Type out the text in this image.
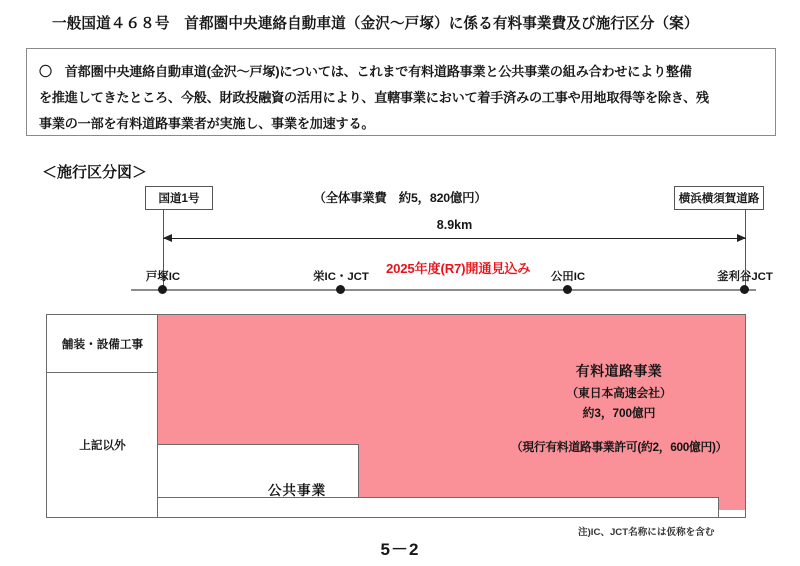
一般国道４６８号　首都圏中央連絡自動車道（金沢～戸塚）に係る有料事業費及び施行区分（案）
〇　首都圏中央連絡自動車道(金沢～戸塚)については、これまで有料道路事業と公共事業の組み合わせにより整備
を推進してきたところ、今般、財政投融資の活用により、直轄事業において着手済みの工事や用地取得等を除き、残
事業の一部を有料道路事業者が実施し、事業を加速する。
＜施行区分図＞
国道1号	横浜横須賀道路
（全体事業費　約5，820億円）
8.9km
2025年度(R7)開通見込み
戸塚IC	栄IC・JCT	公田IC	釜利谷JCT
舗装・設備工事
上記以外
有料道路事業
（東日本高速会社）
約3，700億円
（現行有料道路事業許可(約2，600億円)）
公共事業
注)IC、JCT名称には仮称を含む
5－2
